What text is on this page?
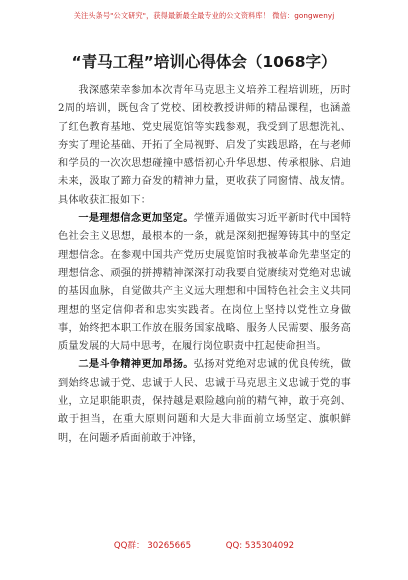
关注头条号"公文研究"，获得最新最全最专业的公文资料库！ 微信：gongwenyj
“青马工程”培训心得体会（1068字）

我深感荣幸参加本次青年马克思主义培养工程培训班，历时2周的培训，既包含了党校、团校教授讲师的精品课程，也涵盖了红色教育基地、党史展览馆等实践参观，我受到了思想洗礼、夯实了理论基础、开拓了全局视野、启发了实践思路，在与老师和学员的一次次思想碰撞中感悟初心升华思想、传承根脉、启迪未来，汲取了蹄力奋发的精神力量，更收获了同窗情、战友情。具体收获汇报如下：

一是理想信念更加坚定。学懂弄通做实习近平新时代中国特色社会主义思想，最根本的一条，就是深刻把握筹铸其中的坚定理想信念。在参观中国共产党历史展览馆时我被革命先辈坚定的理想信念、顽强的拼搏精神深深打动我要自觉赓续对党绝对忠诚的基因血脉，自觉做共产主义远大理想和中国特色社会主义共同理想的坚定信仰者和忠实实践者。在岗位上坚持以党性立身做事，始终把本职工作放在服务国家战略、服务人民需要、服务高质量发展的大局中思考，在履行岗位职责中扛起使命担当。

二是斗争精神更加昂扬。弘扬对党绝对忠诚的优良传统，做到始终忠诚于党、忠诚于人民、忠诚于马克思主义忠诚于党的事业，立足职能职责，保持越是艰险越向前的精气神，敢于亮剑、敢于担当，在重大原则问题和大是大非面前立场坚定、旗帜鲜明，在问题矛盾面前敢于冲锋，

QQ群： 30265665	QQ: 535304092
